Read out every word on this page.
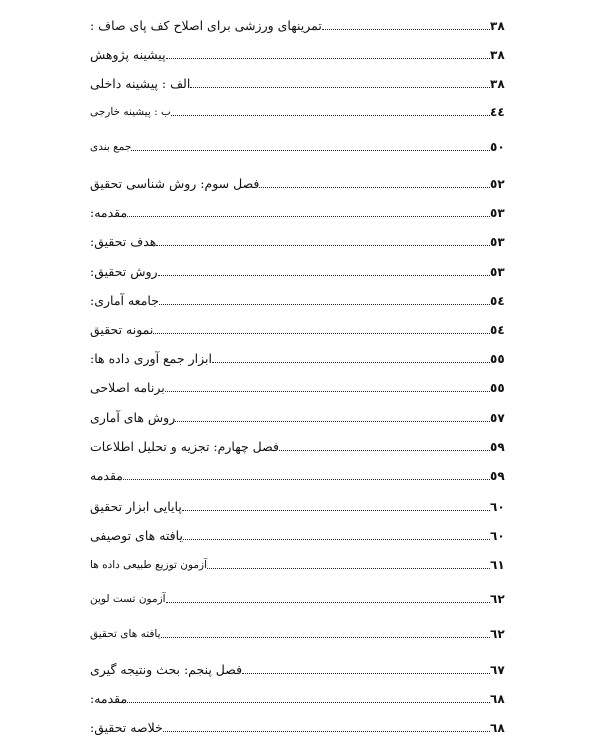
٣٨
تمرینهای ورزشی برای اصلاح کف پای صاف :
٣٨
پیشینه پژوهش
٣٨
الف : پیشینه داخلی
٤٤
ب : پیشینه خارجی
٥٠
جمع بندی
٥٢
فصل سوم: روش شناسی تحقیق
٥٣
مقدمه:
٥٣
هدف تحقیق:
٥٣
روش تحقیق:
٥٤
جامعه آماری:
٥٤
نمونه تحقیق
٥٥
ابزار جمع آوری داده ها:
٥٥
برنامه اصلاحی
٥٧
روش های آماری
٥٩
فصل چهارم: تجزیه و تحلیل اطلاعات
٥٩
مقدمه
٦٠
پایایی ابزار تحقیق
٦٠
یافته های توصیفی
٦١
آزمون توزیع طبیعی داده ها
٦٢
آزمون تست لوین
٦٢
یافته های تحقیق
٦٧
فصل پنجم: بحث ونتیجه گیری
٦٨
مقدمه:
٦٨
خلاصه تحقیق:
